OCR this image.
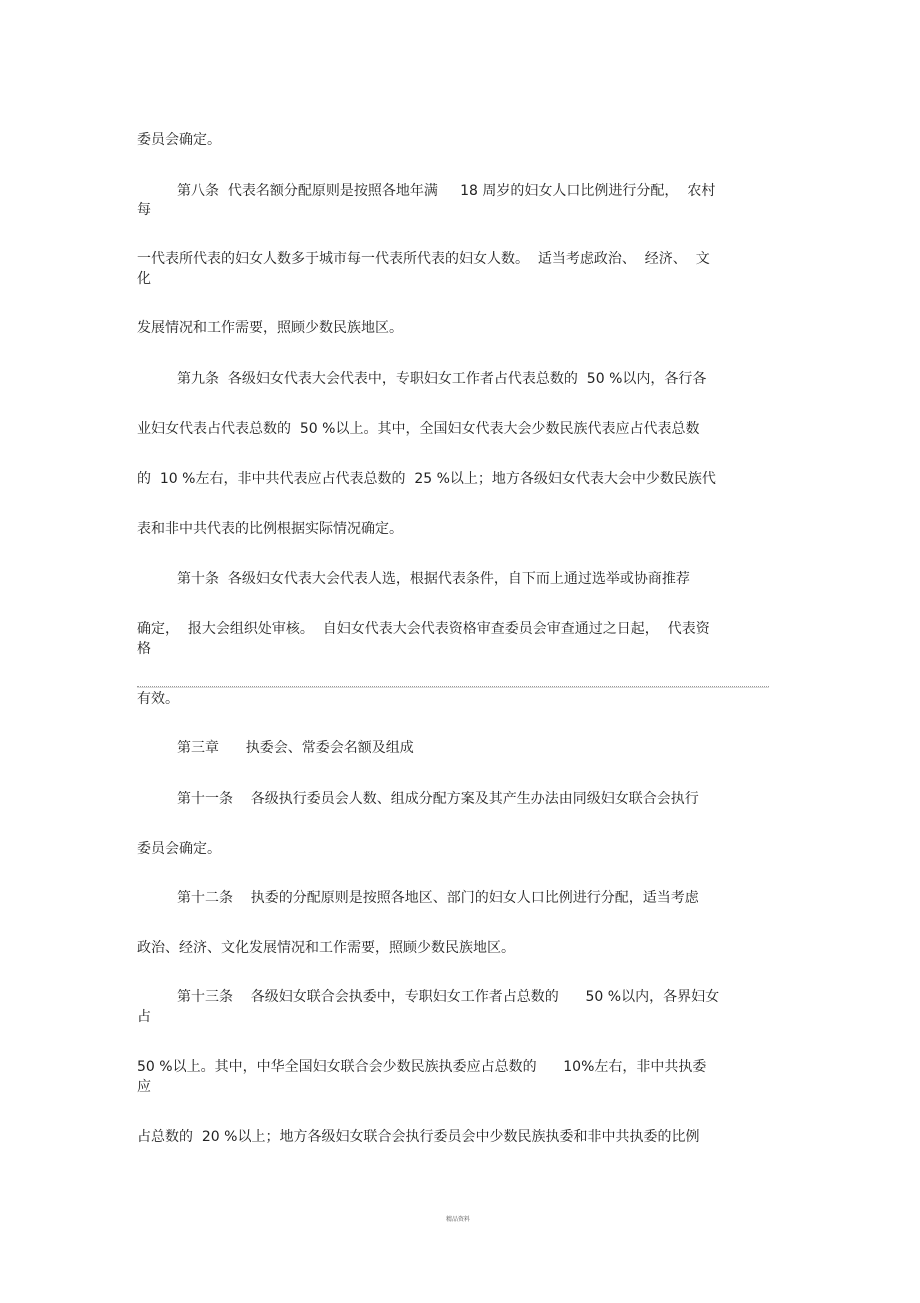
委员会确定。
第八条  代表名额分配原则是按照各地年满     18 周岁的妇女人口比例进行分配，  农村
每
一代表所代表的妇女人数多于城市每一代表所代表的妇女人数。  适当考虑政治、  经济、  文
化
发展情况和工作需要，照顾少数民族地区。
第九条  各级妇女代表大会代表中，专职妇女工作者占代表总数的  50 %以内，各行各
业妇女代表占代表总数的  50 %以上。其中，全国妇女代表大会少数民族代表应占代表总数
的  10 %左右，非中共代表应占代表总数的  25 %以上；地方各级妇女代表大会中少数民族代
表和非中共代表的比例根据实际情况确定。
第十条  各级妇女代表大会代表人选，根据代表条件，自下而上通过选举或协商推荐
确定，  报大会组织处审核。  自妇女代表大会代表资格审查委员会审查通过之日起，  代表资
格
有效。
第三章      执委会、常委会名额及组成
第十一条    各级执行委员会人数、组成分配方案及其产生办法由同级妇女联合会执行
委员会确定。
第十二条    执委的分配原则是按照各地区、部门的妇女人口比例进行分配，适当考虑
政治、经济、文化发展情况和工作需要，照顾少数民族地区。
第十三条    各级妇女联合会执委中，专职妇女工作者占总数的      50 %以内，各界妇女
占
50 %以上。其中，中华全国妇女联合会少数民族执委应占总数的      10%左右，非中共执委
应
占总数的  20 %以上；地方各级妇女联合会执行委员会中少数民族执委和非中共执委的比例
精品资料
